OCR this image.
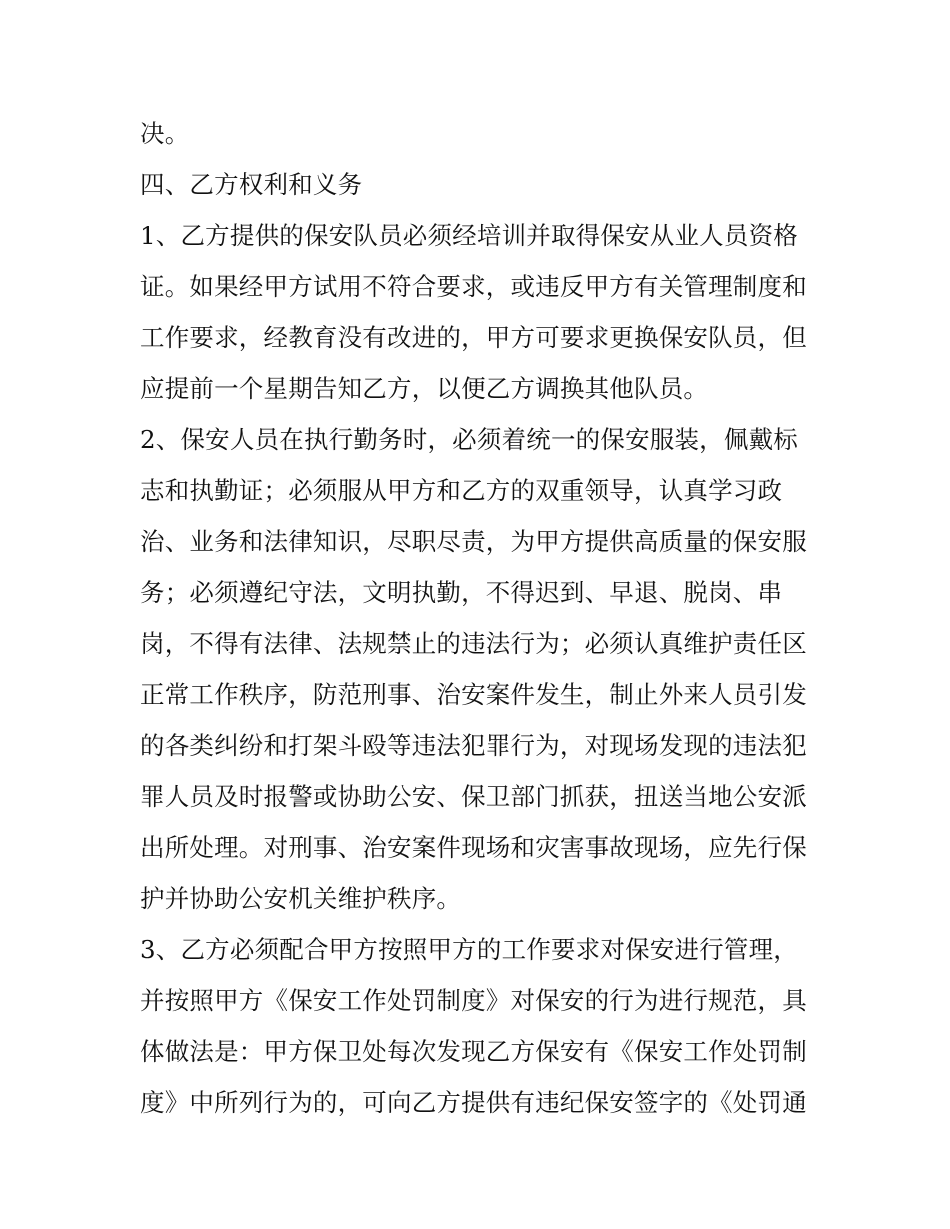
决。
四、乙方权利和义务
1、乙方提供的保安队员必须经培训并取得保安从业人员资格
证。如果经甲方试用不符合要求，或违反甲方有关管理制度和
工作要求，经教育没有改进的，甲方可要求更换保安队员，但
应提前一个星期告知乙方，以便乙方调换其他队员。
2、保安人员在执行勤务时，必须着统一的保安服装，佩戴标
志和执勤证；必须服从甲方和乙方的双重领导，认真学习政
治、业务和法律知识，尽职尽责，为甲方提供高质量的保安服
务；必须遵纪守法，文明执勤，不得迟到、早退、脱岗、串
岗，不得有法律、法规禁止的违法行为；必须认真维护责任区
正常工作秩序，防范刑事、治安案件发生，制止外来人员引发
的各类纠纷和打架斗殴等违法犯罪行为，对现场发现的违法犯
罪人员及时报警或协助公安、保卫部门抓获，扭送当地公安派
出所处理。对刑事、治安案件现场和灾害事故现场，应先行保
护并协助公安机关维护秩序。
3、乙方必须配合甲方按照甲方的工作要求对保安进行管理，
并按照甲方《保安工作处罚制度》对保安的行为进行规范，具
体做法是：甲方保卫处每次发现乙方保安有《保安工作处罚制
度》中所列行为的，可向乙方提供有违纪保安签字的《处罚通
